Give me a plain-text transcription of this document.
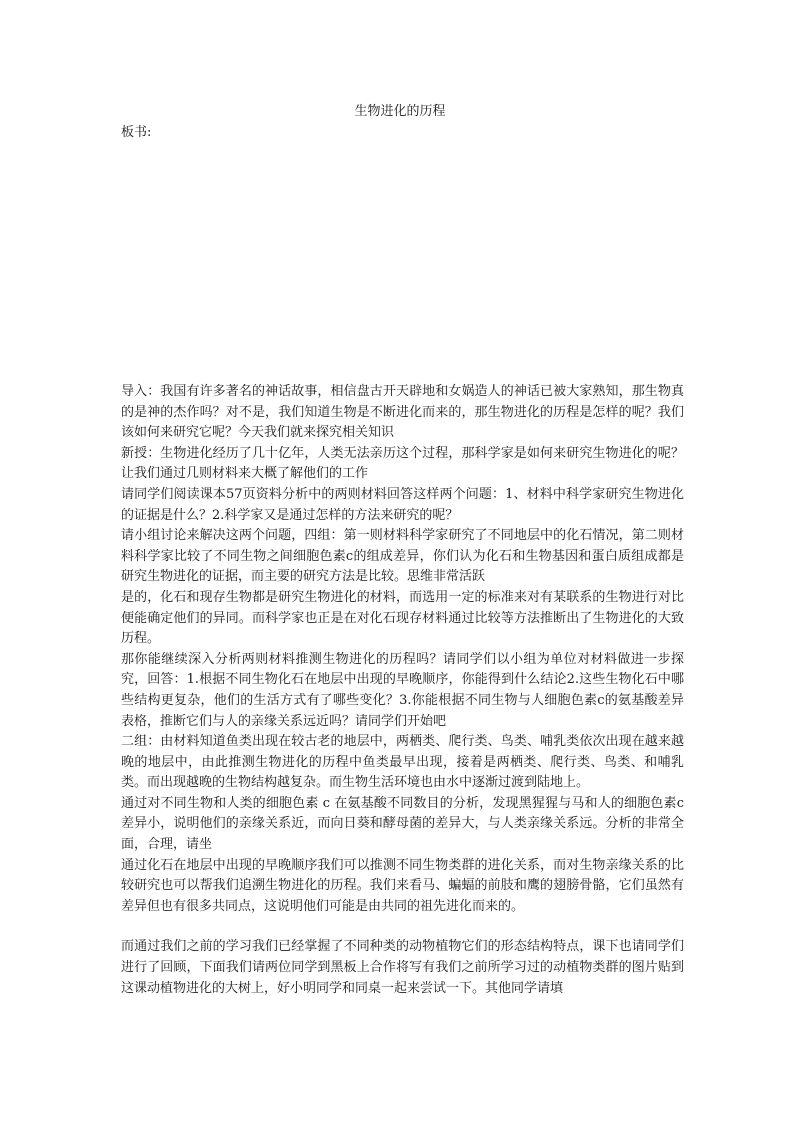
生物进化的历程
板书:

导入：我国有许多著名的神话故事，相信盘古开天辟地和女娲造人的神话已被大家熟知，那生物真的是神的杰作吗？对不是，我们知道生物是不断进化而来的，那生物进化的历程是怎样的呢？我们该如何来研究它呢？今天我们就来探究相关知识

新授：生物进化经历了几十亿年，人类无法亲历这个过程，那科学家是如何来研究生物进化的呢？让我们通过几则材料来大概了解他们的工作

请同学们阅读课本57页资料分析中的两则材料回答这样两个问题：1、材料中科学家研究生物进化的证据是什么？2.科学家又是通过怎样的方法来研究的呢？

请小组讨论来解决这两个问题，四组：第一则材料科学家研究了不同地层中的化石情况，第二则材料科学家比较了不同生物之间细胞色素c的组成差异，你们认为化石和生物基因和蛋白质组成都是研究生物进化的证据，而主要的研究方法是比较。思维非常活跃

是的，化石和现存生物都是研究生物进化的材料，而选用一定的标准来对有某联系的生物进行对比便能确定他们的异同。而科学家也正是在对化石现存材料通过比较等方法推断出了生物进化的大致历程。

那你能继续深入分析两则材料推测生物进化的历程吗？请同学们以小组为单位对材料做进一步探究，回答：1.根据不同生物化石在地层中出现的早晚顺序，你能得到什么结论2.这些生物化石中哪些结构更复杂，他们的生活方式有了哪些变化？3.你能根据不同生物与人细胞色素c的氨基酸差异表格，推断它们与人的亲缘关系远近吗？请同学们开始吧

二组：由材料知道鱼类出现在较古老的地层中，两栖类、爬行类、鸟类、哺乳类依次出现在越来越晚的地层中，由此推测生物进化的历程中鱼类最早出现，接着是两栖类、爬行类、鸟类、和哺乳类。而出现越晚的生物结构越复杂。而生物生活环境也由水中逐渐过渡到陆地上。

通过对不同生物和人类的细胞色素 c 在氨基酸不同数目的分析，发现黑猩猩与马和人的细胞色素c差异小，说明他们的亲缘关系近，而向日葵和酵母菌的差异大，与人类亲缘关系远。分析的非常全面，合理，请坐

通过化石在地层中出现的早晚顺序我们可以推测不同生物类群的进化关系，而对生物亲缘关系的比较研究也可以帮我们追溯生物进化的历程。我们来看马、蝙蝠的前肢和鹰的翅膀骨骼，它们虽然有差异但也有很多共同点，这说明他们可能是由共同的祖先进化而来的。

而通过我们之前的学习我们已经掌握了不同种类的动物植物它们的形态结构特点，课下也请同学们进行了回顾，下面我们请两位同学到黑板上合作将写有我们之前所学习过的动植物类群的图片贴到这课动植物进化的大树上，好小明同学和同桌一起来尝试一下。其他同学请填
